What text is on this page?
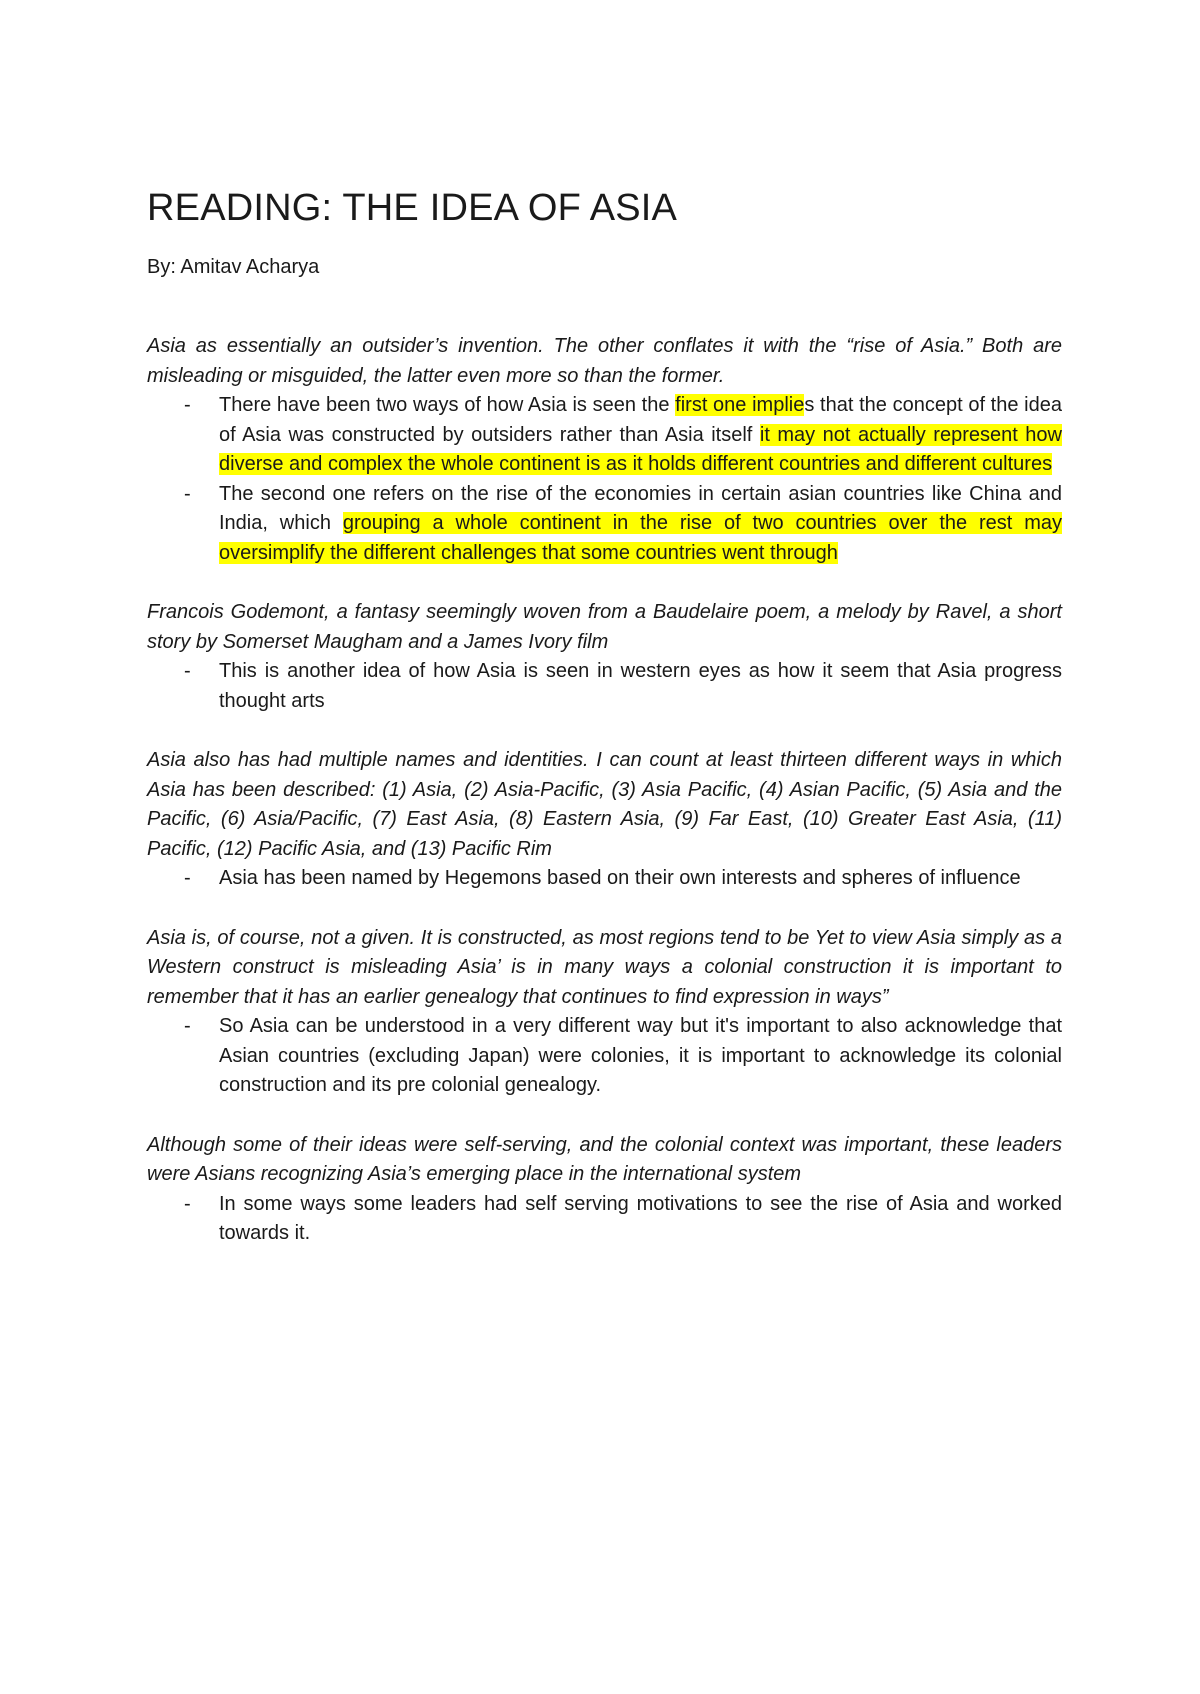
READING: THE IDEA OF ASIA

By: Amitav Acharya

Asia as essentially an outsider’s invention. The other conflates it with the “rise of Asia.” Both are misleading or misguided, the latter even more so than the former.

- There have been two ways of how Asia is seen the first one implies that the concept of the idea of Asia was constructed by outsiders rather than Asia itself it may not actually represent how diverse and complex the whole continent is as it holds different countries and different cultures
- The second one refers on the rise of the economies in certain asian countries like China and India, which grouping a whole continent in the rise of two countries over the rest may oversimplify the different challenges that some countries went through

Francois Godemont, a fantasy seemingly woven from a Baudelaire poem, a melody by Ravel, a short story by Somerset Maugham and a James Ivory film

- This is another idea of how Asia is seen in western eyes as how it seem that Asia progress thought arts

Asia also has had multiple names and identities. I can count at least thirteen different ways in which Asia has been described: (1) Asia, (2) Asia-Pacific, (3) Asia Pacific, (4) Asian Pacific, (5) Asia and the Pacific, (6) Asia/Pacific, (7) East Asia, (8) Eastern Asia, (9) Far East, (10) Greater East Asia, (11) Pacific, (12) Pacific Asia, and (13) Pacific Rim

- Asia has been named by Hegemons based on their own interests and spheres of influence

Asia is, of course, not a given. It is constructed, as most regions tend to be Yet to view Asia simply as a Western construct is misleading Asia’ is in many ways a colonial construction it is important to remember that it has an earlier genealogy that continues to find expression in ways”

- So Asia can be understood in a very different way but it's important to also acknowledge that Asian countries (excluding Japan) were colonies, it is important to acknowledge its colonial construction and its pre colonial genealogy.

Although some of their ideas were self-serving, and the colonial context was important, these leaders were Asians recognizing Asia’s emerging place in the international system

- In some ways some leaders had self serving motivations to see the rise of Asia and worked towards it.
